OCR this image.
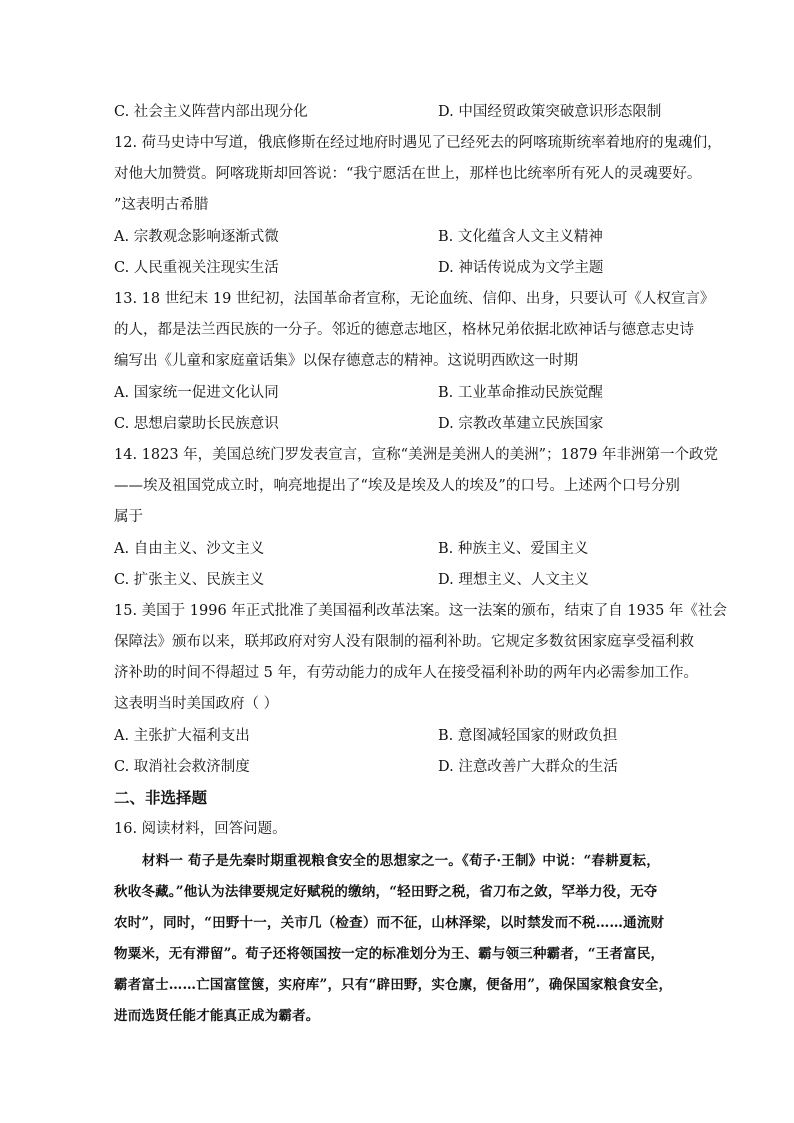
C. 社会主义阵营内部出现分化	D. 中国经贸政策突破意识形态限制
12. 荷马史诗中写道，俄底修斯在经过地府时遇见了已经死去的阿喀琉斯统率着地府的鬼魂们，
对他大加赞赏。阿喀珑斯却回答说：“我宁愿活在世上，那样也比统率所有死人的灵魂要好。
”这表明古希腊
A. 宗教观念影响逐渐式微	B. 文化蕴含人文主义精神
C. 人民重视关注现实生活	D. 神话传说成为文学主题
13. 18 世纪末 19 世纪初，法国革命者宣称，无论血统、信仰、出身，只要认可《人权宣言》
的人，都是法兰西民族的一分子。邻近的德意志地区，格林兄弟依据北欧神话与德意志史诗
编写出《儿童和家庭童话集》以保存德意志的精神。这说明西欧这一时期
A. 国家统一促进文化认同	B. 工业革命推动民族觉醒
C. 思想启蒙助长民族意识	D. 宗教改革建立民族国家
14. 1823 年，美国总统门罗发表宣言，宣称“美洲是美洲人的美洲”；1879 年非洲第一个政党
——埃及祖国党成立时，响亮地提出了“埃及是埃及人的埃及”的口号。上述两个口号分别
属于
A. 自由主义、沙文主义	B. 种族主义、爱国主义
C. 扩张主义、民族主义	D. 理想主义、人文主义
15. 美国于 1996 年正式批准了美国福利改革法案。这一法案的颁布，结束了自 1935 年《社会
保障法》颁布以来，联邦政府对穷人没有限制的福利补助。它规定多数贫困家庭享受福利救
济补助的时间不得超过 5 年，有劳动能力的成年人在接受福利补助的两年内必需参加工作。
这表明当时美国政府（ ）
A. 主张扩大福利支出	B. 意图减轻国家的财政负担
C. 取消社会救济制度	D. 注意改善广大群众的生活
二、非选择题
16. 阅读材料，回答问题。
材料一 荀子是先秦时期重视粮食安全的思想家之一。《荀子·王制》中说：“春耕夏耘，
秋收冬藏。”他认为法律要规定好赋税的缴纳，“轻田野之税，省刀布之敛，罕举力役，无夺
农时”，同时，“田野十一，关市几（检查）而不征，山林泽梁，以时禁发而不税……通流财
物粟米，无有滞留”。荀子还将领国按一定的标准划分为王、霸与领三种霸者，“王者富民，
霸者富士……亡国富筐箧，实府库”，只有“辟田野，实仓廪，便备用”，确保国家粮食安全，
进而选贤任能才能真正成为霸者。
